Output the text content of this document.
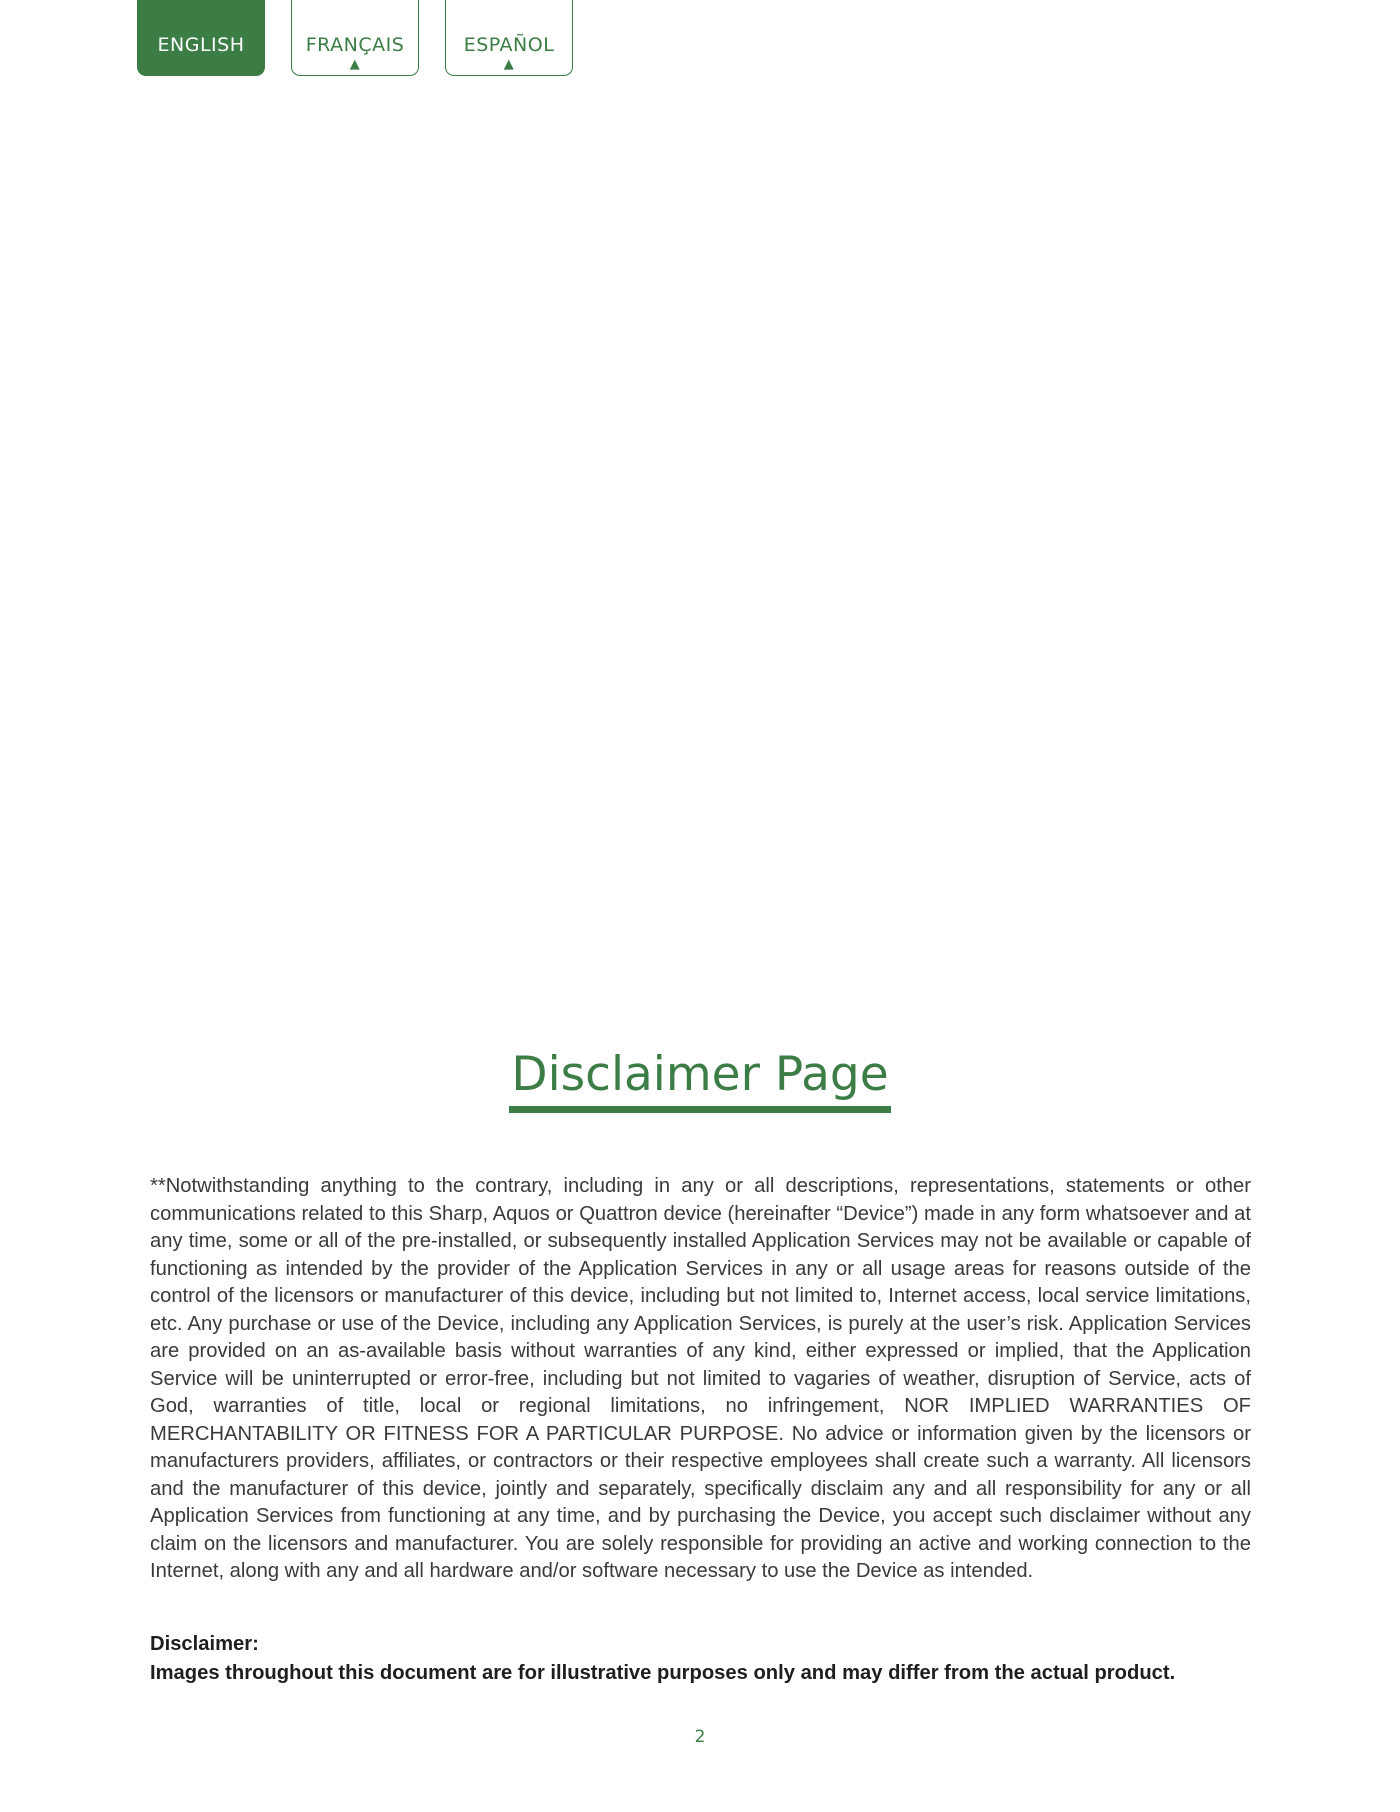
ENGLISH	FRANÇAIS
▲
ESPAÑOL
▲
Disclaimer Page

**Notwithstanding anything to the contrary, including in any or all descriptions, representations, statements or other communications related to this Sharp, Aquos or Quattron device (hereinafter “Device”) made in any form whatsoever and at any time, some or all of the pre-installed, or subsequently installed Application Services may not be available or capable of functioning as intended by the provider of the Application Services in any or all usage areas for reasons outside of the control of the licensors or manufacturer of this device, including but not limited to, Internet access, local service limitations, etc. Any purchase or use of the Device, including any Application Services, is purely at the user’s risk. Application Services are provided on an as-available basis without warranties of any kind, either expressed or implied, that the Application Service will be uninterrupted or error-free, including but not limited to vagaries of weather, disruption of Service, acts of God, warranties of title, local or regional limitations, no infringement, NOR IMPLIED WARRANTIES OF MERCHANTABILITY OR FITNESS FOR A PARTICULAR PURPOSE. No advice or information given by the licensors or manufacturers providers, affiliates, or contractors or their respective employees shall create such a warranty. All licensors and the manufacturer of this device, jointly and separately, specifically disclaim any and all responsibility for any or all Application Services from functioning at any time, and by purchasing the Device, you accept such disclaimer without any claim on the licensors and manufacturer. You are solely responsible for providing an active and working connection to the Internet, along with any and all hardware and/or software necessary to use the Device as intended.

Disclaimer:
Images throughout this document are for illustrative purposes only and may differ from the actual product.
2
